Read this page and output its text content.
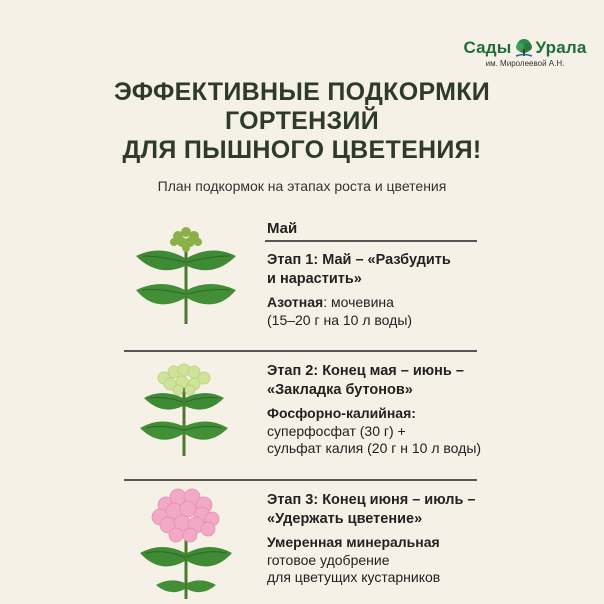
Сады Урала
им. Миролеевой А.Н.
ЭФФЕКТИВНЫЕ ПОДКОРМКИ
ГОРТЕНЗИЙ
ДЛЯ ПЫШНОГО ЦВЕТЕНИЯ!
План подкормок на этапах роста и цветения
Май
Этап 1: Май – «Разбудить
и нарастить»
Азотная: мочевина
(15–20 г на 10 л воды)
Этап 2: Конец мая – июнь –
«Закладка бутонов»
Фосфорно-калийная:
суперфосфат (30 г) +
сульфат калия (20 г н 10 л воды)
Этап 3: Конец июня – июль –
«Удержать цветение»
Умеренная минеральная
готовое удобрение
для цветущих кустарников
